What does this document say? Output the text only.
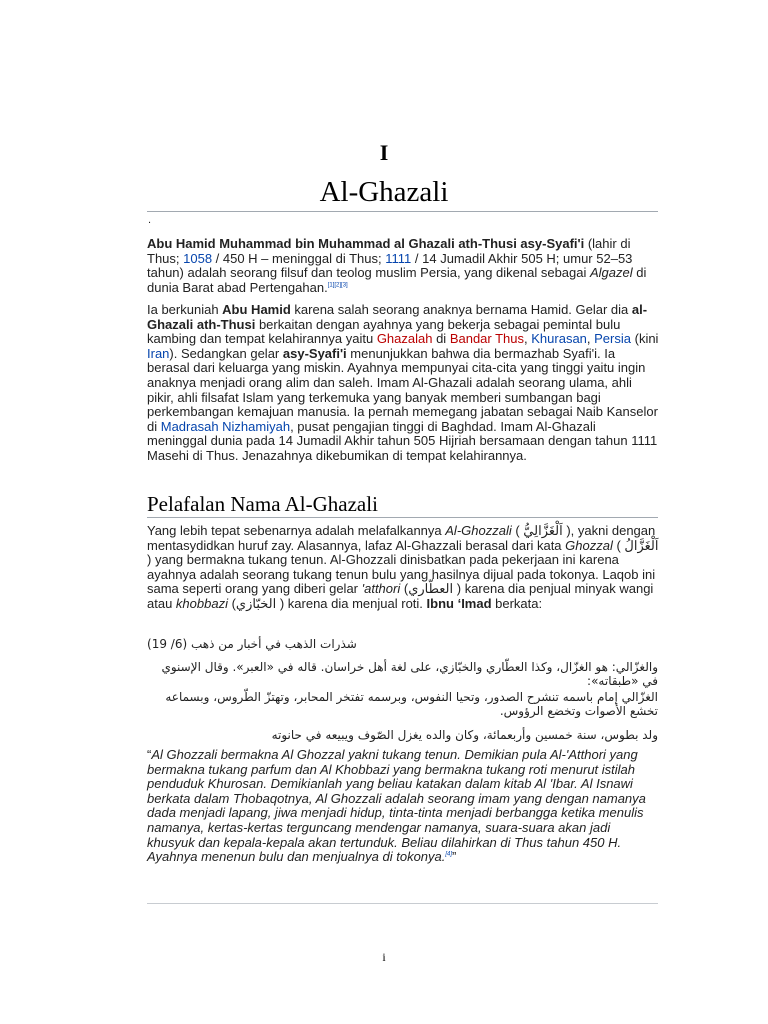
I
Al-Ghazali
.

Abu Hamid Muhammad bin Muhammad al Ghazali ath-Thusi asy-Syafi'i (lahir di Thus; 1058 / 450 H – meninggal di Thus; 1111 / 14 Jumadil Akhir 505 H; umur 52–53 tahun) adalah seorang filsuf dan teolog muslim Persia, yang dikenal sebagai Algazel di dunia Barat abad Pertengahan.[1][2][3]

Ia berkuniah Abu Hamid karena salah seorang anaknya bernama Hamid. Gelar dia al-Ghazali ath-Thusi berkaitan dengan ayahnya yang bekerja sebagai pemintal bulu kambing dan tempat kelahirannya yaitu Ghazalah di Bandar Thus, Khurasan, Persia (kini Iran). Sedangkan gelar asy-Syafi'i menunjukkan bahwa dia bermazhab Syafi'i. Ia berasal dari keluarga yang miskin. Ayahnya mempunyai cita-cita yang tinggi yaitu ingin anaknya menjadi orang alim dan saleh. Imam Al-Ghazali adalah seorang ulama, ahli pikir, ahli filsafat Islam yang terkemuka yang banyak memberi sumbangan bagi perkembangan kemajuan manusia. Ia pernah memegang jabatan sebagai Naib Kanselor di Madrasah Nizhamiyah, pusat pengajian tinggi di Baghdad. Imam Al-Ghazali meninggal dunia pada 14 Jumadil Akhir tahun 505 Hijriah bersamaan dengan tahun 1111 Masehi di Thus. Jenazahnya dikebumikan di tempat kelahirannya.

Pelafalan Nama Al-Ghazali

Yang lebih tepat sebenarnya adalah melafalkannya Al-Ghozzali ( اَلْغَزَّالِيُّ ), yakni dengan mentasydidkan huruf zay. Alasannya, lafaz Al-Ghazzali berasal dari kata Ghozzal ( اَلْغَزَّالُ ) yang bermakna tukang tenun. Al-Ghozzali dinisbatkan pada pekerjaan ini karena ayahnya adalah seorang tukang tenun bulu yang hasilnya dijual pada tokonya. Laqob ini sama seperti orang yang diberi gelar 'atthori (العطّاري ) karena dia penjual minyak wangi atau khobbazi (الخبّازي ) karena dia menjual roti. Ibnu ‘Imad berkata:

شذرات الذهب في أخبار من ذهب (6/ 19)
والغزّالي: هو الغزّال، وكذا العطّاري والخبّازي، على لغة أهل خراسان. قاله في «العبر». وقال الإسنوي في «طبقاته»:
الغزّالي إمام باسمه تنشرح الصدور، وتحيا النفوس، وبرسمه تفتخر المحابر، وتهتزّ الطّروس، وبسماعه تخشع الأصوات وتخضع الرؤوس.
ولد بطوس، سنة خمسين وأربعمائة، وكان والده يغزل الصّوف ويبيعه في حانوته
“Al Ghozzali bermakna Al Ghozzal yakni tukang tenun. Demikian pula Al-'Atthori yang bermakna tukang parfum dan Al Khobbazi yang bermakna tukang roti menurut istilah penduduk Khurosan. Demikianlah yang beliau katakan dalam kitab Al 'Ibar. Al Isnawi berkata dalam Thobaqotnya, Al Ghozzali adalah seorang imam yang dengan namanya dada menjadi lapang, jiwa menjadi hidup, tinta-tinta menjadi berbangga ketika menulis namanya, kertas-kertas terguncang mendengar namanya, suara-suara akan jadi khusyuk dan kepala-kepala akan tertunduk. Beliau dilahirkan di Thus tahun 450 H. Ayahnya menenun bulu dan menjualnya di tokonya.[4]”
i
